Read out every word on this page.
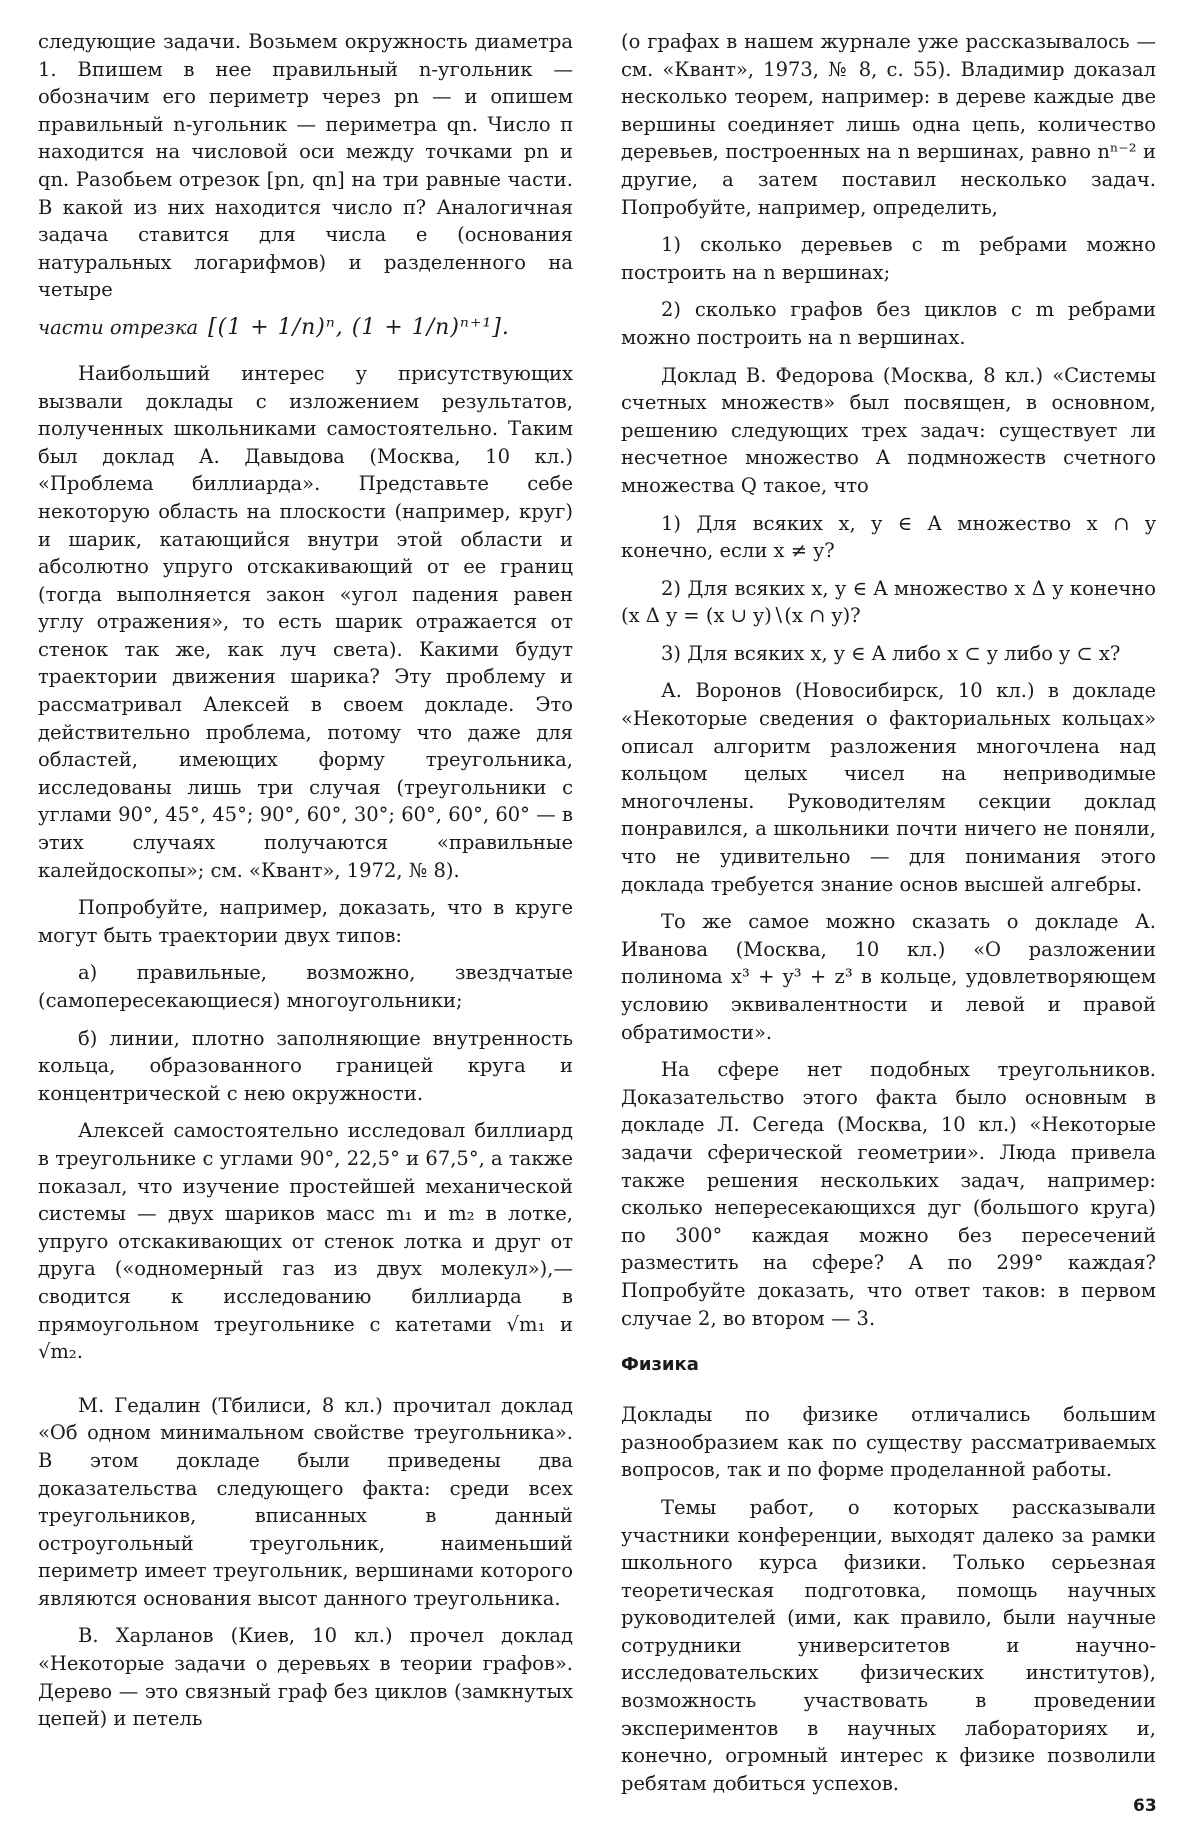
следующие задачи. Возьмем окружность диаметра 1. Впишем в нее правильный n-угольник — обозначим его периметр через pn — и опишем правильный n-угольник — периметра qn. Число π находится на числовой оси между точками pn и qn. Разобьем отрезок [pn, qn] на три равные части. В какой из них находится число π? Аналогичная задача ставится для числа e (основания натуральных логарифмов) и разделенного на четыре

части отрезка [(1 + 1/n)ⁿ, (1 + 1/n)ⁿ⁺¹].

Наибольший интерес у присутствующих вызвали доклады с изложением результатов, полученных школьниками самостоятельно. Таким был доклад А. Давыдова (Москва, 10 кл.) «Проблема биллиарда». Представьте себе некоторую область на плоскости (например, круг) и шарик, катающийся внутри этой области и абсолютно упруго отскакивающий от ее границ (тогда выполняется закон «угол падения равен углу отражения», то есть шарик отражается от стенок так же, как луч света). Какими будут траектории движения шарика? Эту проблему и рассматривал Алексей в своем докладе. Это действительно проблема, потому что даже для областей, имеющих форму треугольника, исследованы лишь три случая (треугольники с углами 90°, 45°, 45°; 90°, 60°, 30°; 60°, 60°, 60° — в этих случаях получаются «правильные калейдоскопы»; см. «Квант», 1972, № 8).

Попробуйте, например, доказать, что в круге могут быть траектории двух типов:

а) правильные, возможно, звездчатые (самопересекающиеся) многоугольники;

б) линии, плотно заполняющие внутренность кольца, образованного границей круга и концентрической с нею окружности.

Алексей самостоятельно исследовал биллиард в треугольнике с углами 90°, 22,5° и 67,5°, а также показал, что изучение простейшей механической системы — двух шариков масс m₁ и m₂ в лотке, упруго отскакивающих от стенок лотка и друг от друга («одномерный газ из двух молекул»),— сводится к исследованию биллиарда в прямоугольном треугольнике с катетами √m₁ и √m₂.

М. Гедалин (Тбилиси, 8 кл.) прочитал доклад «Об одном минимальном свойстве треугольника». В этом докладе были приведены два доказательства следующего факта: среди всех треугольников, вписанных в данный остроугольный треугольник, наименьший периметр имеет треугольник, вершинами которого являются основания высот данного треугольника.

В. Харланов (Киев, 10 кл.) прочел доклад «Некоторые задачи о деревьях в теории графов». Дерево — это связный граф без циклов (замкнутых цепей) и петель

(о графах в нашем журнале уже рассказывалось — см. «Квант», 1973, № 8, с. 55). Владимир доказал несколько теорем, например: в дереве каждые две вершины соединяет лишь одна цепь, количество деревьев, построенных на n вершинах, равно nⁿ⁻² и другие, а затем поставил несколько задач. Попробуйте, например, определить,

1) сколько деревьев с m ребрами можно построить на n вершинах;

2) сколько графов без циклов с m ребрами можно построить на n вершинах.

Доклад В. Федорова (Москва, 8 кл.) «Системы счетных множеств» был посвящен, в основном, решению следующих трех задач: существует ли несчетное множество A подмножеств счетного множества Q такое, что

1) Для всяких x, y ∈ A множество x ∩ y конечно, если x ≠ y?

2) Для всяких x, y ∈ A множество x Δ y конечно (x Δ y = (x ∪ y)∖(x ∩ y)?

3) Для всяких x, y ∈ A либо x ⊂ y либо y ⊂ x?

А. Воронов (Новосибирск, 10 кл.) в докладе «Некоторые сведения о факториальных кольцах» описал алгоритм разложения многочлена над кольцом целых чисел на неприводимые многочлены. Руководителям секции доклад понравился, а школьники почти ничего не поняли, что не удивительно — для понимания этого доклада требуется знание основ высшей алгебры.

То же самое можно сказать о докладе А. Иванова (Москва, 10 кл.) «О разложении полинома x³ + y³ + z³ в кольце, удовлетворяющем условию эквивалентности и левой и правой обратимости».

На сфере нет подобных треугольников. Доказательство этого факта было основным в докладе Л. Сегеда (Москва, 10 кл.) «Некоторые задачи сферической геометрии». Люда привела также решения нескольких задач, например: сколько непересекающихся дуг (большого круга) по 300° каждая можно без пересечений разместить на сфере? А по 299° каждая? Попробуйте доказать, что ответ таков: в первом случае 2, во втором — 3.

Физика

Доклады по физике отличались большим разнообразием как по существу рассматриваемых вопросов, так и по форме проделанной работы.

Темы работ, о которых рассказывали участники конференции, выходят далеко за рамки школьного курса физики. Только серьезная теоретическая подготовка, помощь научных руководителей (ими, как правило, были научные сотрудники университетов и научно-исследовательских физических институтов), возможность участвовать в проведении экспериментов в научных лабораториях и, конечно, огромный интерес к физике позволили ребятам добиться успехов.

63
